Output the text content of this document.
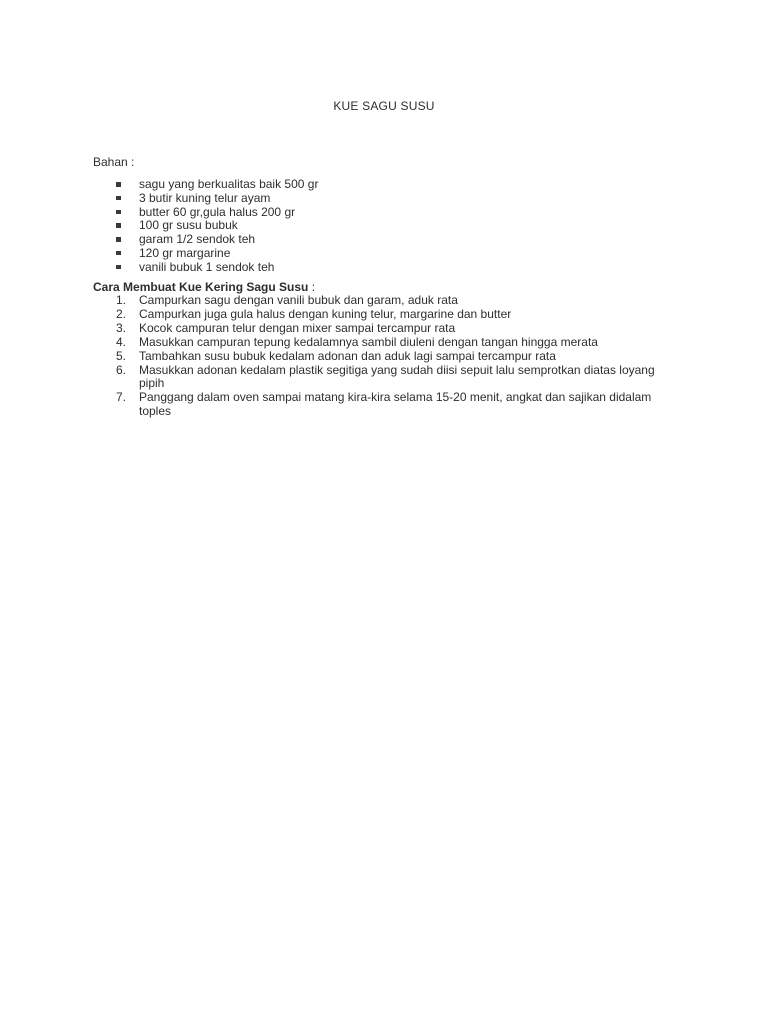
KUE SAGU SUSU
Bahan :
sagu yang berkualitas baik 500 gr
3 butir kuning telur ayam
butter 60 gr,gula halus 200 gr
100 gr susu bubuk
garam 1/2 sendok teh
120 gr margarine
vanili bubuk 1 sendok teh
Cara Membuat Kue Kering Sagu Susu :
1. Campurkan sagu dengan vanili bubuk dan garam, aduk rata
2. Campurkan juga gula halus dengan kuning telur, margarine dan butter
3. Kocok campuran telur dengan mixer sampai tercampur rata
4. Masukkan campuran tepung kedalamnya sambil diuleni dengan tangan hingga merata
5. Tambahkan susu bubuk kedalam adonan dan aduk lagi sampai tercampur rata
6. Masukkan adonan kedalam plastik segitiga yang sudah diisi sepuit lalu semprotkan diatas loyang pipih
7. Panggang dalam oven sampai matang kira-kira selama 15-20 menit, angkat dan sajikan didalam toples
